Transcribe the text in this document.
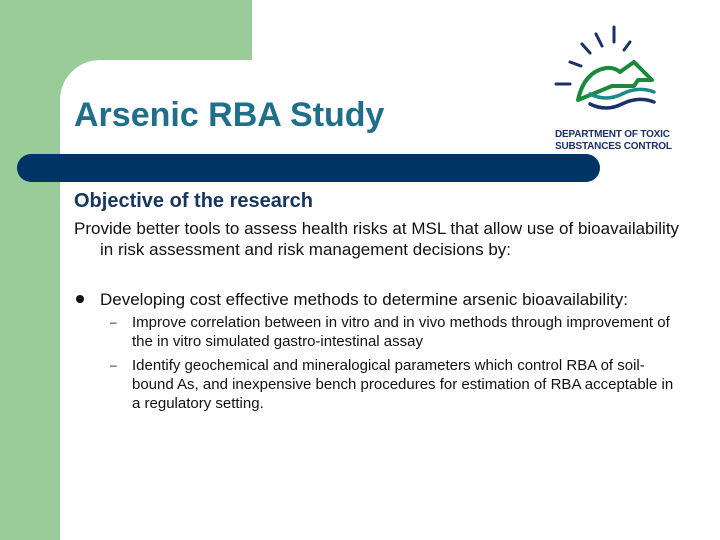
Arsenic RBA Study
DEPARTMENT OF TOXIC
SUBSTANCES CONTROL
Objective of the research

Provide better tools to assess health risks at MSL that allow use of bioavailability in risk assessment and risk management decisions by:

Developing cost effective methods to determine arsenic bioavailability:
– Improve correlation between in vitro and in vivo methods through improvement of the in vitro simulated gastro-intestinal assay
– Identify geochemical and mineralogical parameters which control RBA of soil-bound As, and inexpensive bench procedures for estimation of RBA acceptable in a regulatory setting.
